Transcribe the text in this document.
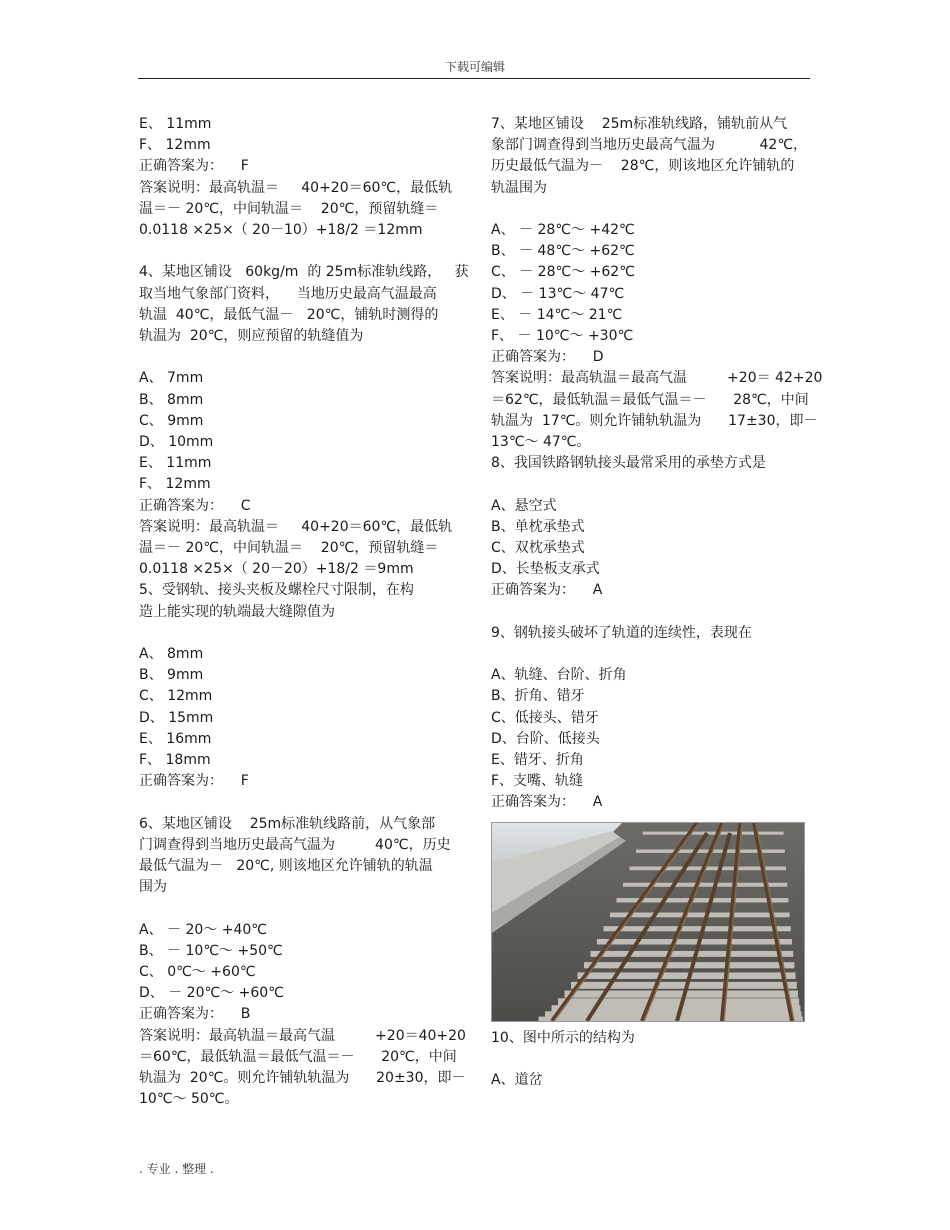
下载可编辑
E、 11mm
F、 12mm
正确答案为：    F
答案说明：最高轨温＝     40+20＝60℃，最低轨
温＝－ 20℃，中间轨温＝    20℃，预留轨缝＝
0.0118 ×25×（ 20－10）+18/2 ＝12mm
4、某地区铺设   60kg/m  的 25m标准轨线路，   获
取当地气象部门资料，    当地历史最高气温最高
轨温  40℃，最低气温－   20℃，铺轨时测得的
轨温为  20℃，则应预留的轨缝值为
A、 7mm
B、 8mm
C、 9mm
D、 10mm
E、 11mm
F、 12mm
正确答案为：    C
答案说明：最高轨温＝     40+20＝60℃，最低轨
温＝－ 20℃，中间轨温＝    20℃，预留轨缝＝
0.0118 ×25×（ 20－20）+18/2 ＝9mm
5、受钢轨、接头夹板及螺栓尺寸限制，在构
造上能实现的轨端最大缝隙值为
A、 8mm
B、 9mm
C、 12mm
D、 15mm
E、 16mm
F、 18mm
正确答案为：    F
6、某地区铺设    25m标准轨线路前，从气象部
门调查得到当地历史最高气温为         40℃，历史
最低气温为－   20℃, 则该地区允许铺轨的轨温
围为
A、 － 20～ +40℃
B、 － 10℃～ +50℃
C、 0℃～ +60℃
D、 － 20℃～ +60℃
正确答案为：    B
答案说明：最高轨温＝最高气温         +20＝40+20
＝60℃，最低轨温＝最低气温＝－      20℃，中间
轨温为  20℃。则允许铺轨轨温为      20±30，即－
10℃～ 50℃。
7、某地区铺设    25m标准轨线路，铺轨前从气
象部门调查得到当地历史最高气温为          42℃，
历史最低气温为－    28℃，则该地区允许铺轨的
轨温围为
A、 － 28℃～ +42℃
B、 － 48℃～ +62℃
C、 － 28℃～ +62℃
D、 － 13℃～ 47℃
E、 － 14℃～ 21℃
F、 － 10℃～ +30℃
正确答案为：    D
答案说明：最高轨温＝最高气温         +20＝ 42+20
＝62℃，最低轨温＝最低气温＝－      28℃，中间
轨温为  17℃。则允许铺轨轨温为      17±30，即－
13℃～ 47℃。
8、我国铁路钢轨接头最常采用的承垫方式是
A、悬空式
B、单枕承垫式
C、双枕承垫式
D、长垫板支承式
正确答案为：    A
9、钢轨接头破坏了轨道的连续性，表现在
A、轨缝、台阶、折角
B、折角、错牙
C、低接头、错牙
D、台阶、低接头
E、错牙、折角
F、支嘴、轨缝
正确答案为：    A
10、图中所示的结构为
A、道岔
. 专业 . 整理 .
